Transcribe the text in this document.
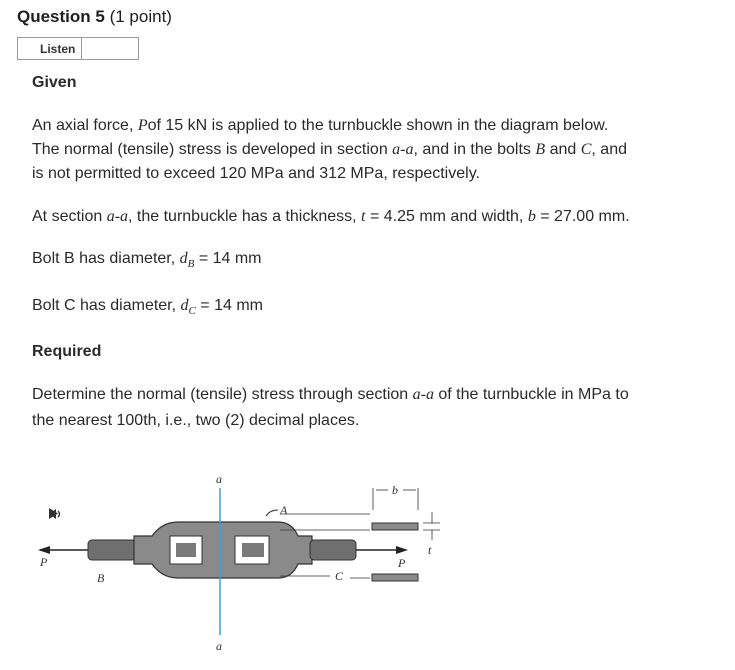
Question 5 (1 point)
Listen
Given
An axial force, Pof 15 kN is applied to the turnbuckle shown in the diagram below.
The normal (tensile) stress is developed in section a-a, and in the bolts B and C, and
is not permitted to exceed 120 MPa and 312 MPa, respectively.
At section a-a, the turnbuckle has a thickness, t = 4.25 mm and width, b = 27.00 mm.
Bolt B has diameter, $d_B = 14$ mm
Bolt C has diameter, $d_C = 14$ mm
Required
Determine the normal (tensile) stress through section a-a of the turnbuckle in MPa to
the nearest 100th, i.e., two (2) decimal places.
P
B
P
a
a
A
C
b
t
